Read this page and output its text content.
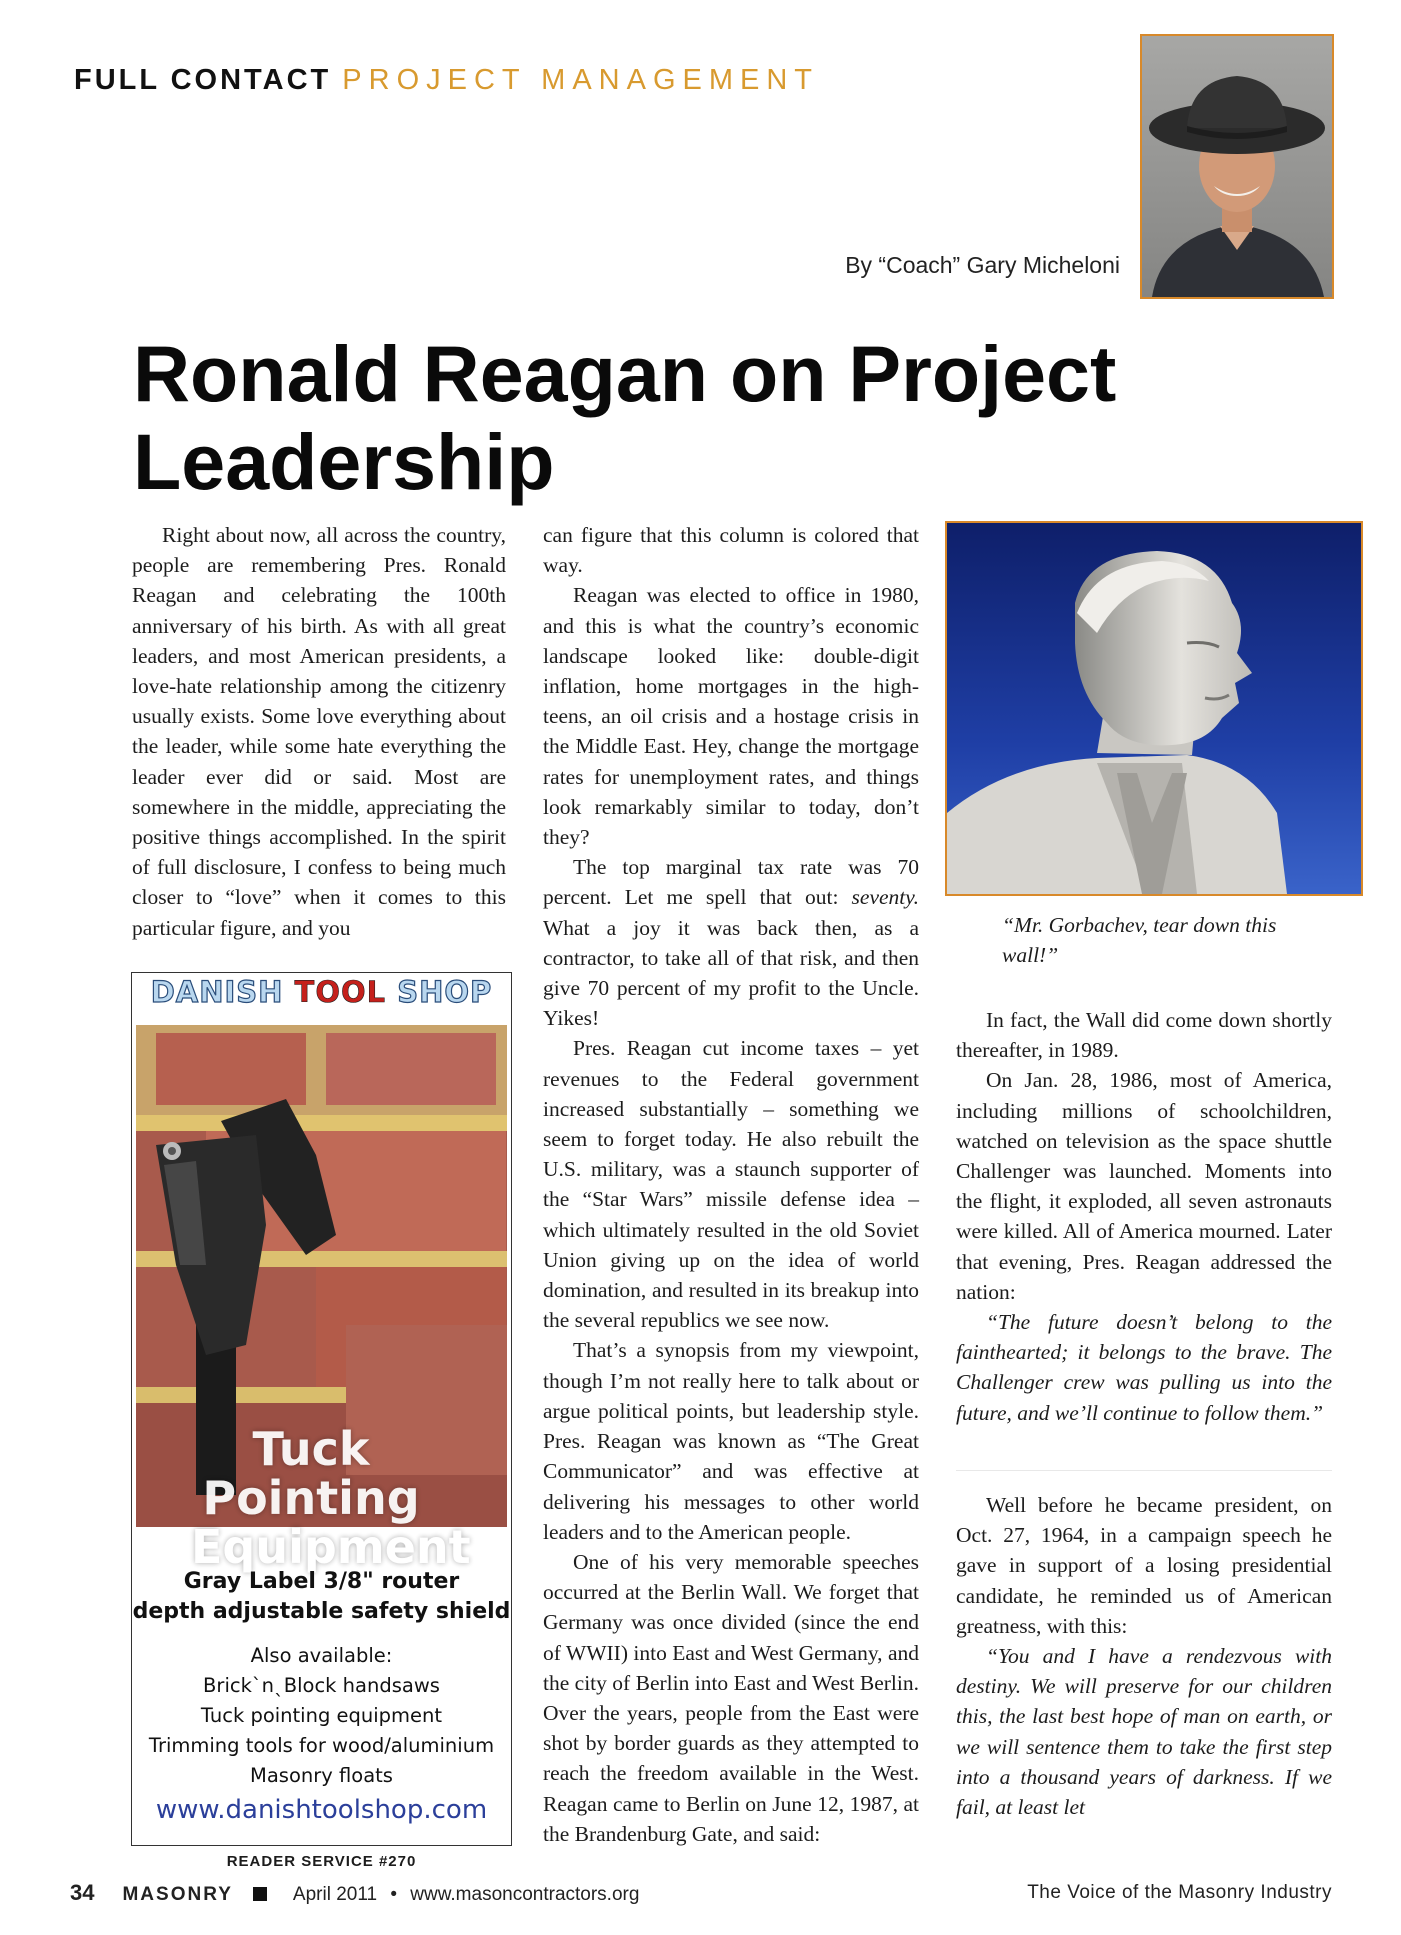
FULL CONTACT PROJECT MANAGEMENT
By “Coach” Gary Micheloni
Ronald Reagan on Project Leadership

Right about now, all across the country, people are remembering Pres. Ronald Reagan and celebrating the 100th anniversary of his birth. As with all great leaders, and most American presidents, a love-hate relationship among the citizenry usually exists. Some love everything about the leader, while some hate everything the leader ever did or said. Most are somewhere in the middle, appreciating the positive things accomplished. In the spirit of full disclosure, I confess to being much closer to “love” when it comes to this particular figure, and you

DANISH TOOL SHOP
Tuck Pointing Equipment
Gray Label 3/8" router
depth adjustable safety shield
Also available:
BrickˋnˎBlock handsaws
Tuck pointing equipment
Trimming tools for wood/aluminium
Masonry floats
www.danishtoolshop.com
READER SERVICE #270

can figure that this column is colored that way.

Reagan was elected to office in 1980, and this is what the country’s economic landscape looked like: double-digit inflation, home mortgages in the high-teens, an oil crisis and a hostage crisis in the Middle East. Hey, change the mortgage rates for unemployment rates, and things look remarkably similar to today, don’t they?

The top marginal tax rate was 70 percent. Let me spell that out: seventy. What a joy it was back then, as a contractor, to take all of that risk, and then give 70 percent of my profit to the Uncle. Yikes!

Pres. Reagan cut income taxes – yet revenues to the Federal government increased substantially – something we seem to forget today. He also rebuilt the U.S. military, was a staunch supporter of the “Star Wars” missile defense idea – which ultimately resulted in the old Soviet Union giving up on the idea of world domination, and resulted in its breakup into the several republics we see now.

That’s a synopsis from my viewpoint, though I’m not really here to talk about or argue political points, but leadership style. Pres. Reagan was known as “The Great Communicator” and was effective at delivering his messages to other world leaders and to the American people.

One of his very memorable speeches occurred at the Berlin Wall. We forget that Germany was once divided (since the end of WWII) into East and West Germany, and the city of Berlin into East and West Berlin. Over the years, people from the East were shot by border guards as they attempted to reach the freedom available in the West. Reagan came to Berlin on June 12, 1987, at the Brandenburg Gate, and said:

“Mr. Gorbachev, tear down this wall!”

In fact, the Wall did come down shortly thereafter, in 1989.

On Jan. 28, 1986, most of America, including millions of schoolchildren, watched on television as the space shuttle Challenger was launched. Moments into the flight, it exploded, all seven astronauts were killed. All of America mourned. Later that evening, Pres. Reagan addressed the nation:

“The future doesn’t belong to the fainthearted; it belongs to the brave. The Challenger crew was pulling us into the future, and we’ll continue to follow them.”

Well before he became president, on Oct. 27, 1964, in a campaign speech he gave in support of a losing presidential candidate, he reminded us of American greatness, with this:

“You and I have a rendezvous with destiny. We will preserve for our children this, the last best hope of man on earth, or we will sentence them to take the first step into a thousand years of darkness. If we fail, at least let

34 MASONRY	April 2011 • www.masoncontractors.org	The Voice of the Masonry Industry
